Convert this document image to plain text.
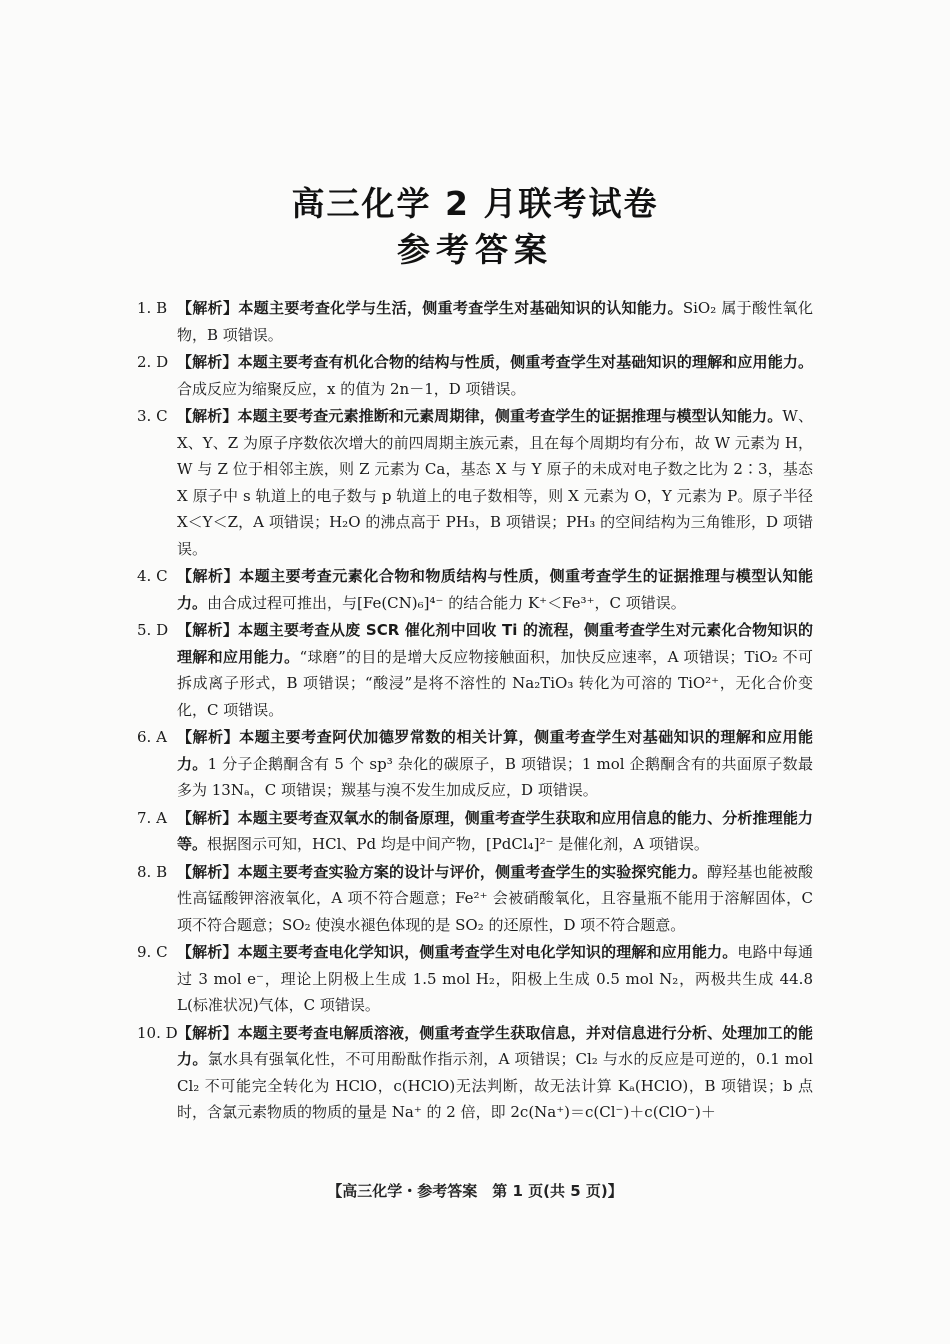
高三化学 2 月联考试卷
参考答案
1. B 【解析】本题主要考查化学与生活，侧重考查学生对基础知识的认知能力。SiO₂ 属于酸性氧化物，B 项错误。
2. D 【解析】本题主要考查有机化合物的结构与性质，侧重考查学生对基础知识的理解和应用能力。合成反应为缩聚反应，x 的值为 2n－1，D 项错误。
3. C 【解析】本题主要考查元素推断和元素周期律，侧重考查学生的证据推理与模型认知能力。W、X、Y、Z 为原子序数依次增大的前四周期主族元素，且在每个周期均有分布，故 W 元素为 H，W 与 Z 位于相邻主族，则 Z 元素为 Ca，基态 X 与 Y 原子的未成对电子数之比为 2∶3，基态 X 原子中 s 轨道上的电子数与 p 轨道上的电子数相等，则 X 元素为 O，Y 元素为 P。原子半径 X＜Y＜Z，A 项错误；H₂O 的沸点高于 PH₃，B 项错误；PH₃ 的空间结构为三角锥形，D 项错误。
4. C 【解析】本题主要考查元素化合物和物质结构与性质，侧重考查学生的证据推理与模型认知能力。由合成过程可推出，与[Fe(CN)₆]⁴⁻ 的结合能力 K⁺＜Fe³⁺，C 项错误。
5. D 【解析】本题主要考查从废 SCR 催化剂中回收 Ti 的流程，侧重考查学生对元素化合物知识的理解和应用能力。“球磨”的目的是增大反应物接触面积，加快反应速率，A 项错误；TiO₂ 不可拆成离子形式，B 项错误；“酸浸”是将不溶性的 Na₂TiO₃ 转化为可溶的 TiO²⁺，无化合价变化，C 项错误。
6. A 【解析】本题主要考查阿伏加德罗常数的相关计算，侧重考查学生对基础知识的理解和应用能力。1 分子企鹅酮含有 5 个 sp³ 杂化的碳原子，B 项错误；1 mol 企鹅酮含有的共面原子数最多为 13Nₐ，C 项错误；羰基与溴不发生加成反应，D 项错误。
7. A 【解析】本题主要考查双氧水的制备原理，侧重考查学生获取和应用信息的能力、分析推理能力等。根据图示可知，HCl、Pd 均是中间产物，[PdCl₄]²⁻ 是催化剂，A 项错误。
8. B 【解析】本题主要考查实验方案的设计与评价，侧重考查学生的实验探究能力。醇羟基也能被酸性高锰酸钾溶液氧化，A 项不符合题意；Fe²⁺ 会被硝酸氧化，且容量瓶不能用于溶解固体，C 项不符合题意；SO₂ 使溴水褪色体现的是 SO₂ 的还原性，D 项不符合题意。
9. C 【解析】本题主要考查电化学知识，侧重考查学生对电化学知识的理解和应用能力。电路中每通过 3 mol e⁻，理论上阴极上生成 1.5 mol H₂，阳极上生成 0.5 mol N₂，两极共生成 44.8 L(标准状况)气体，C 项错误。
10. D 【解析】本题主要考查电解质溶液，侧重考查学生获取信息，并对信息进行分析、处理加工的能力。氯水具有强氧化性，不可用酚酞作指示剂，A 项错误；Cl₂ 与水的反应是可逆的，0.1 mol Cl₂ 不可能完全转化为 HClO，c(HClO)无法判断，故无法计算 Kₐ(HClO)，B 项错误；b 点时，含氯元素物质的物质的量是 Na⁺ 的 2 倍，即 2c(Na⁺)＝c(Cl⁻)＋c(ClO⁻)＋
【高三化学・参考答案　第 1 页(共 5 页)】
